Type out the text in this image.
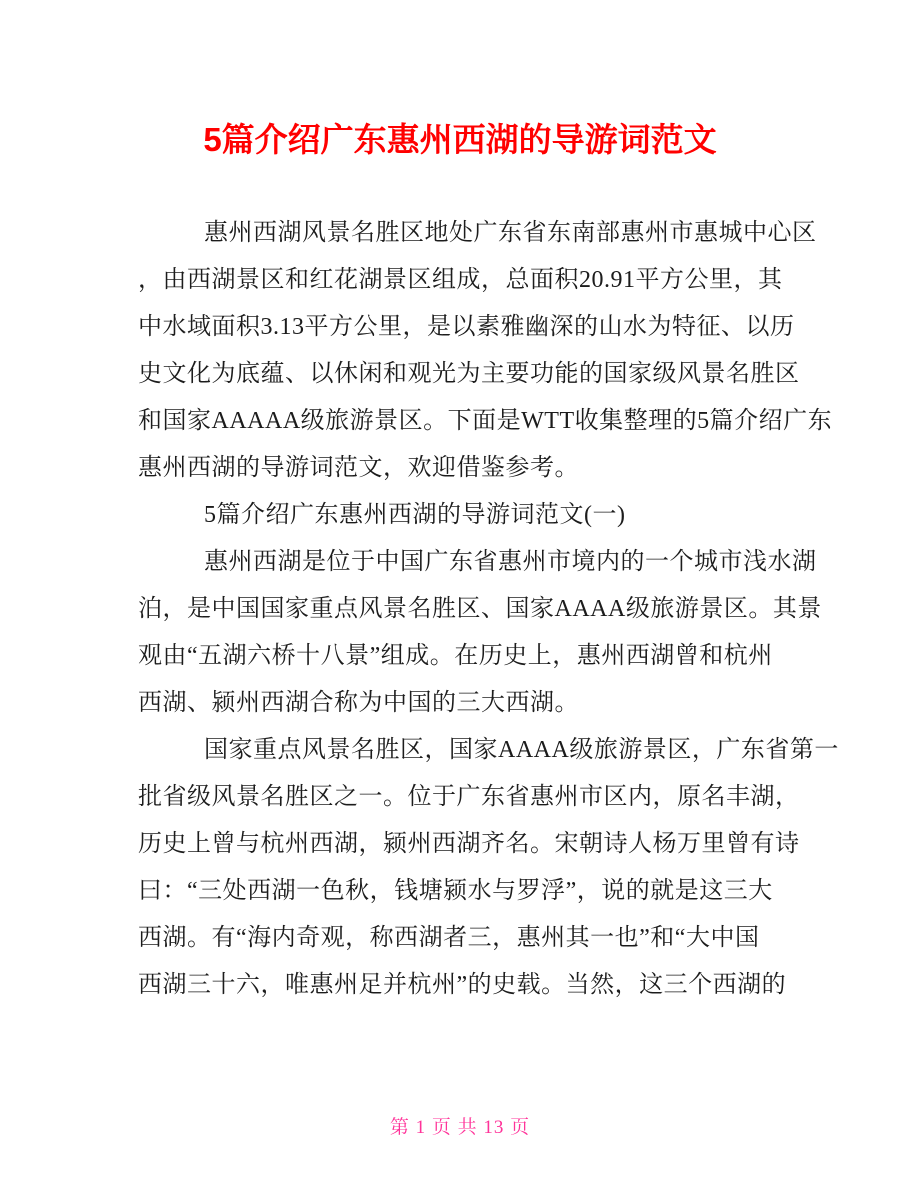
5篇介绍广东惠州西湖的导游词范文
惠州西湖风景名胜区地处广东省东南部惠州市惠城中心区
，由西湖景区和红花湖景区组成，总面积20.91平方公里，其
中水域面积3.13平方公里，是以素雅幽深的山水为特征、以历
史文化为底蕴、以休闲和观光为主要功能的国家级风景名胜区
和国家AAAAA级旅游景区。下面是WTT收集整理的5篇介绍广东
惠州西湖的导游词范文，欢迎借鉴参考。
5篇介绍广东惠州西湖的导游词范文(一)
惠州西湖是位于中国广东省惠州市境内的一个城市浅水湖
泊，是中国国家重点风景名胜区、国家AAAA级旅游景区。其景
观由“五湖六桥十八景”组成。在历史上，惠州西湖曾和杭州
西湖、颍州西湖合称为中国的三大西湖。
国家重点风景名胜区，国家AAAA级旅游景区，广东省第一
批省级风景名胜区之一。位于广东省惠州市区内，原名丰湖，
历史上曾与杭州西湖，颍州西湖齐名。宋朝诗人杨万里曾有诗
曰：“三处西湖一色秋，钱塘颍水与罗浮”，说的就是这三大
西湖。有“海内奇观，称西湖者三，惠州其一也”和“大中国
西湖三十六，唯惠州足并杭州”的史载。当然，这三个西湖的
第 1 页 共 13 页
